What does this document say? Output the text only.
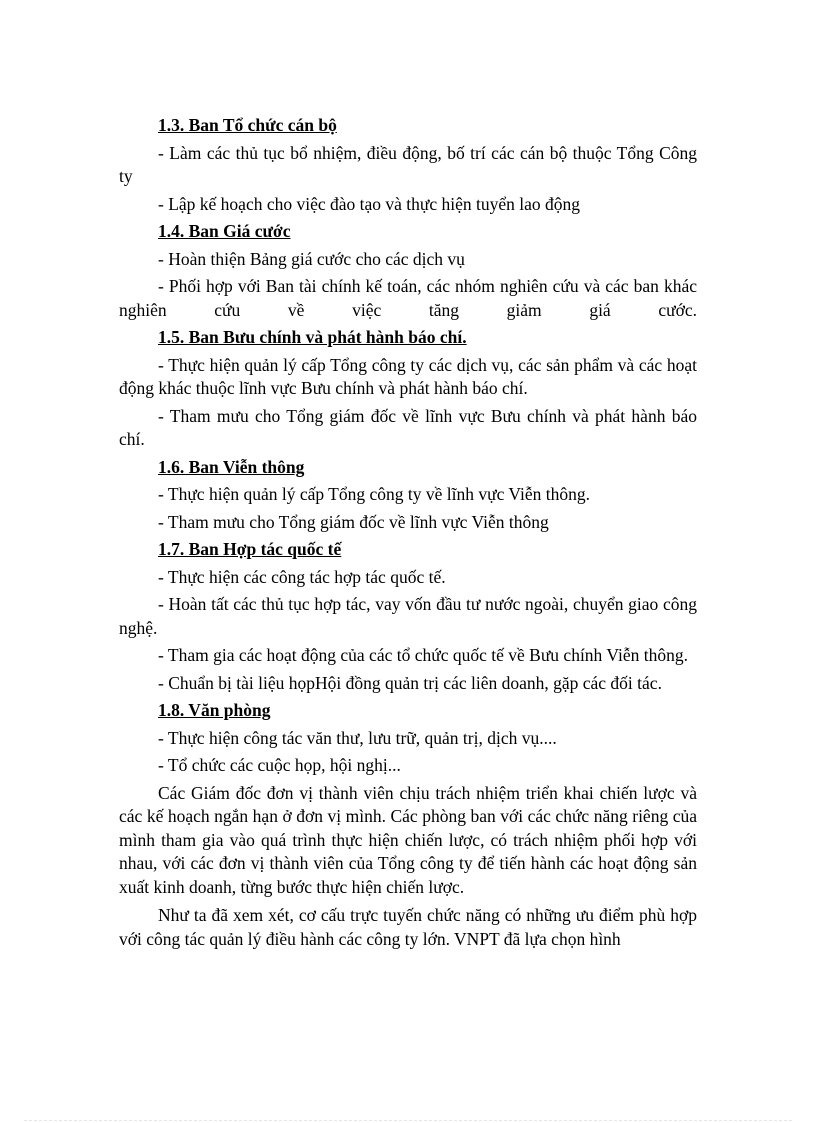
1.3. Ban Tổ chức cán bộ
- Làm các thủ tục bổ nhiệm, điều động, bố trí các cán bộ thuộc Tổng Công ty
- Lập kế hoạch cho việc đào tạo và thực hiện tuyển lao động
1.4. Ban Giá cước
- Hoàn thiện Bảng giá cước cho các dịch vụ
- Phối hợp với Ban tài chính kế toán, các nhóm nghiên cứu và các ban khác nghiên cứu về việc tăng giảm giá cước.
1.5. Ban Bưu chính và phát hành báo chí.
- Thực hiện quản lý cấp Tổng công ty các dịch vụ, các sản phẩm và các hoạt động khác thuộc lĩnh vực Bưu chính và phát hành báo chí.
- Tham mưu cho Tổng giám đốc về lĩnh vực Bưu chính và phát hành báo chí.
1.6. Ban Viễn thông
- Thực hiện quản lý cấp Tổng công ty về lĩnh vực Viễn thông.
- Tham mưu cho Tổng giám đốc về lĩnh vực Viễn thông
1.7. Ban Hợp tác quốc tế
- Thực hiện các công tác hợp tác quốc tế.
- Hoàn tất các thủ tục hợp tác, vay vốn đầu tư nước ngoài, chuyển giao công nghệ.
- Tham gia các hoạt động của các tổ chức quốc tế về Bưu chính Viễn thông.
- Chuẩn bị tài liệu họpHội đồng quản trị các liên doanh, gặp các đối tác.
1.8. Văn phòng
- Thực hiện công tác văn thư, lưu trữ, quản trị, dịch vụ....
- Tổ chức các cuộc họp, hội nghị...

Các Giám đốc đơn vị thành viên chịu trách nhiệm triển khai chiến lược và các kế hoạch ngắn hạn ở đơn vị mình. Các phòng ban với các chức năng riêng của mình tham gia vào quá trình thực hiện chiến lược, có trách nhiệm phối hợp với nhau, với các đơn vị thành viên của Tổng công ty để tiến hành các hoạt động sản xuất kinh doanh, từng bước thực hiện chiến lược.

Như ta đã xem xét, cơ cấu trực tuyến chức năng có những ưu điểm phù hợp với công tác quản lý điều hành các công ty lớn. VNPT đã lựa chọn hình
